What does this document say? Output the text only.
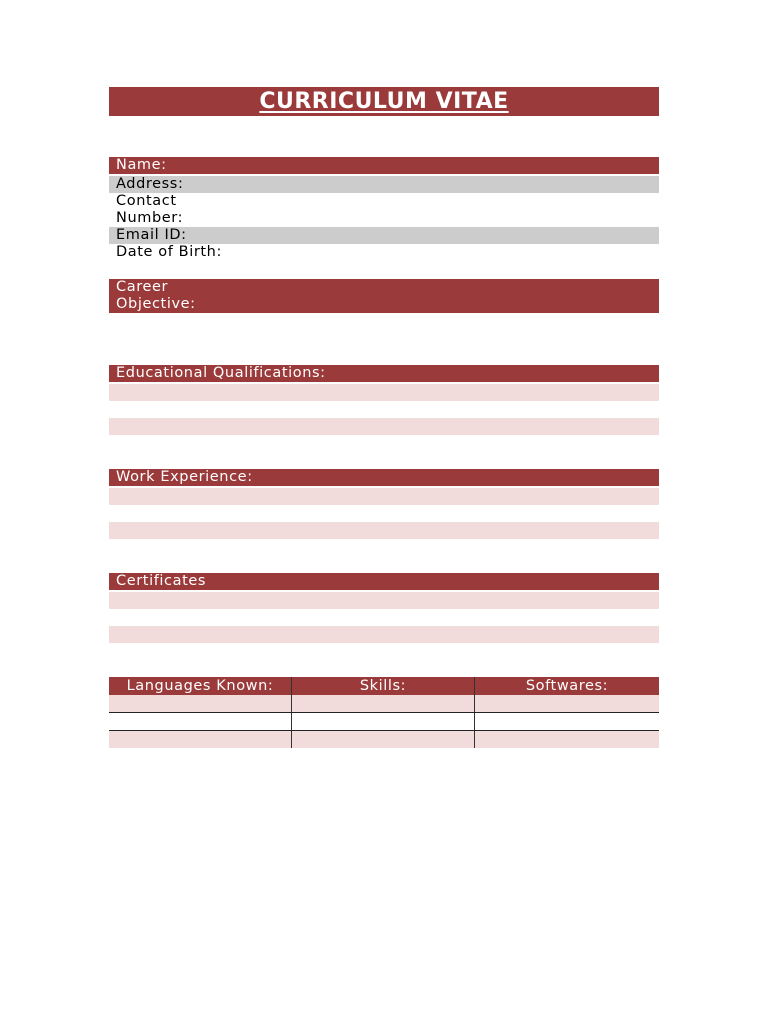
CURRICULUM VITAE
Name:
Address:
Contact
Number:
Email ID:
Date of Birth:
Career
Objective:
Educational Qualifications:
Work Experience:
Certificates
Languages Known:	Skills:	Softwares:
